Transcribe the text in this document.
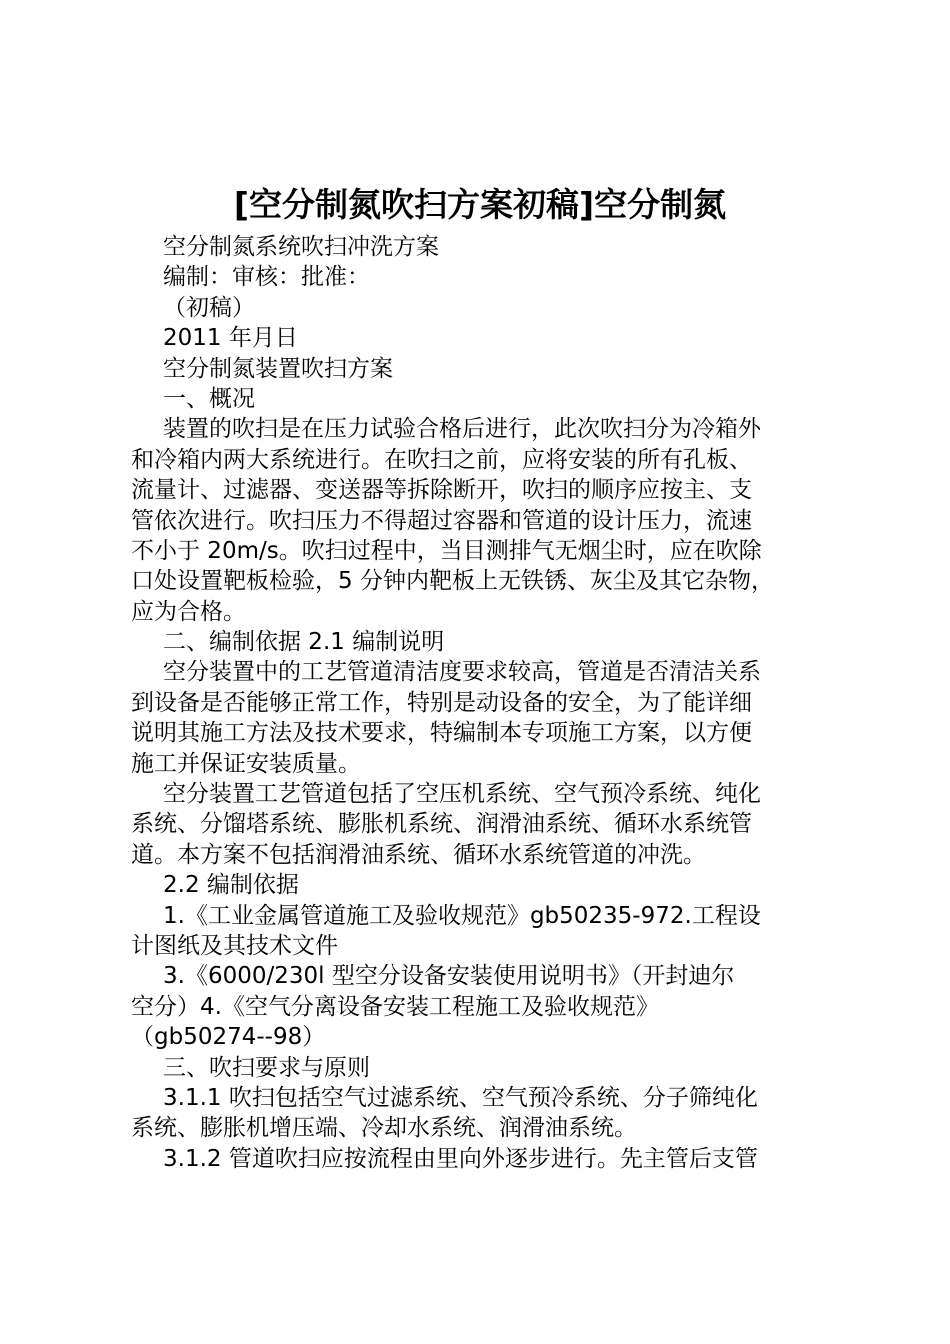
[空分制氮吹扫方案初稿]空分制氮
空分制氮系统吹扫冲洗方案
编制：审核：批准：
（初稿）
2011 年月日
空分制氮装置吹扫方案
一、概况
装置的吹扫是在压力试验合格后进行，此次吹扫分为冷箱外
和冷箱内两大系统进行。在吹扫之前，应将安装的所有孔板、
流量计、过滤器、变送器等拆除断开，吹扫的顺序应按主、支
管依次进行。吹扫压力不得超过容器和管道的设计压力，流速
不小于 20m/s。吹扫过程中，当目测排气无烟尘时，应在吹除
口处设置靶板检验，5 分钟内靶板上无铁锈、灰尘及其它杂物，
应为合格。
二、编制依据 2.1 编制说明
空分装置中的工艺管道清洁度要求较高，管道是否清洁关系
到设备是否能够正常工作，特别是动设备的安全，为了能详细
说明其施工方法及技术要求，特编制本专项施工方案，以方便
施工并保证安装质量。
空分装置工艺管道包括了空压机系统、空气预冷系统、纯化
系统、分馏塔系统、膨胀机系统、润滑油系统、循环水系统管
道。本方案不包括润滑油系统、循环水系统管道的冲洗。
2.2 编制依据
1.《工业金属管道施工及验收规范》gb50235-972.工程设
计图纸及其技术文件
3.《6000/230l 型空分设备安装使用说明书》（开封迪尔
空分）4.《空气分离设备安装工程施工及验收规范》
（gb50274--98）
三、吹扫要求与原则
3.1.1 吹扫包括空气过滤系统、空气预冷系统、分子筛纯化
系统、膨胀机增压端、冷却水系统、润滑油系统。
3.1.2 管道吹扫应按流程由里向外逐步进行。先主管后支管
